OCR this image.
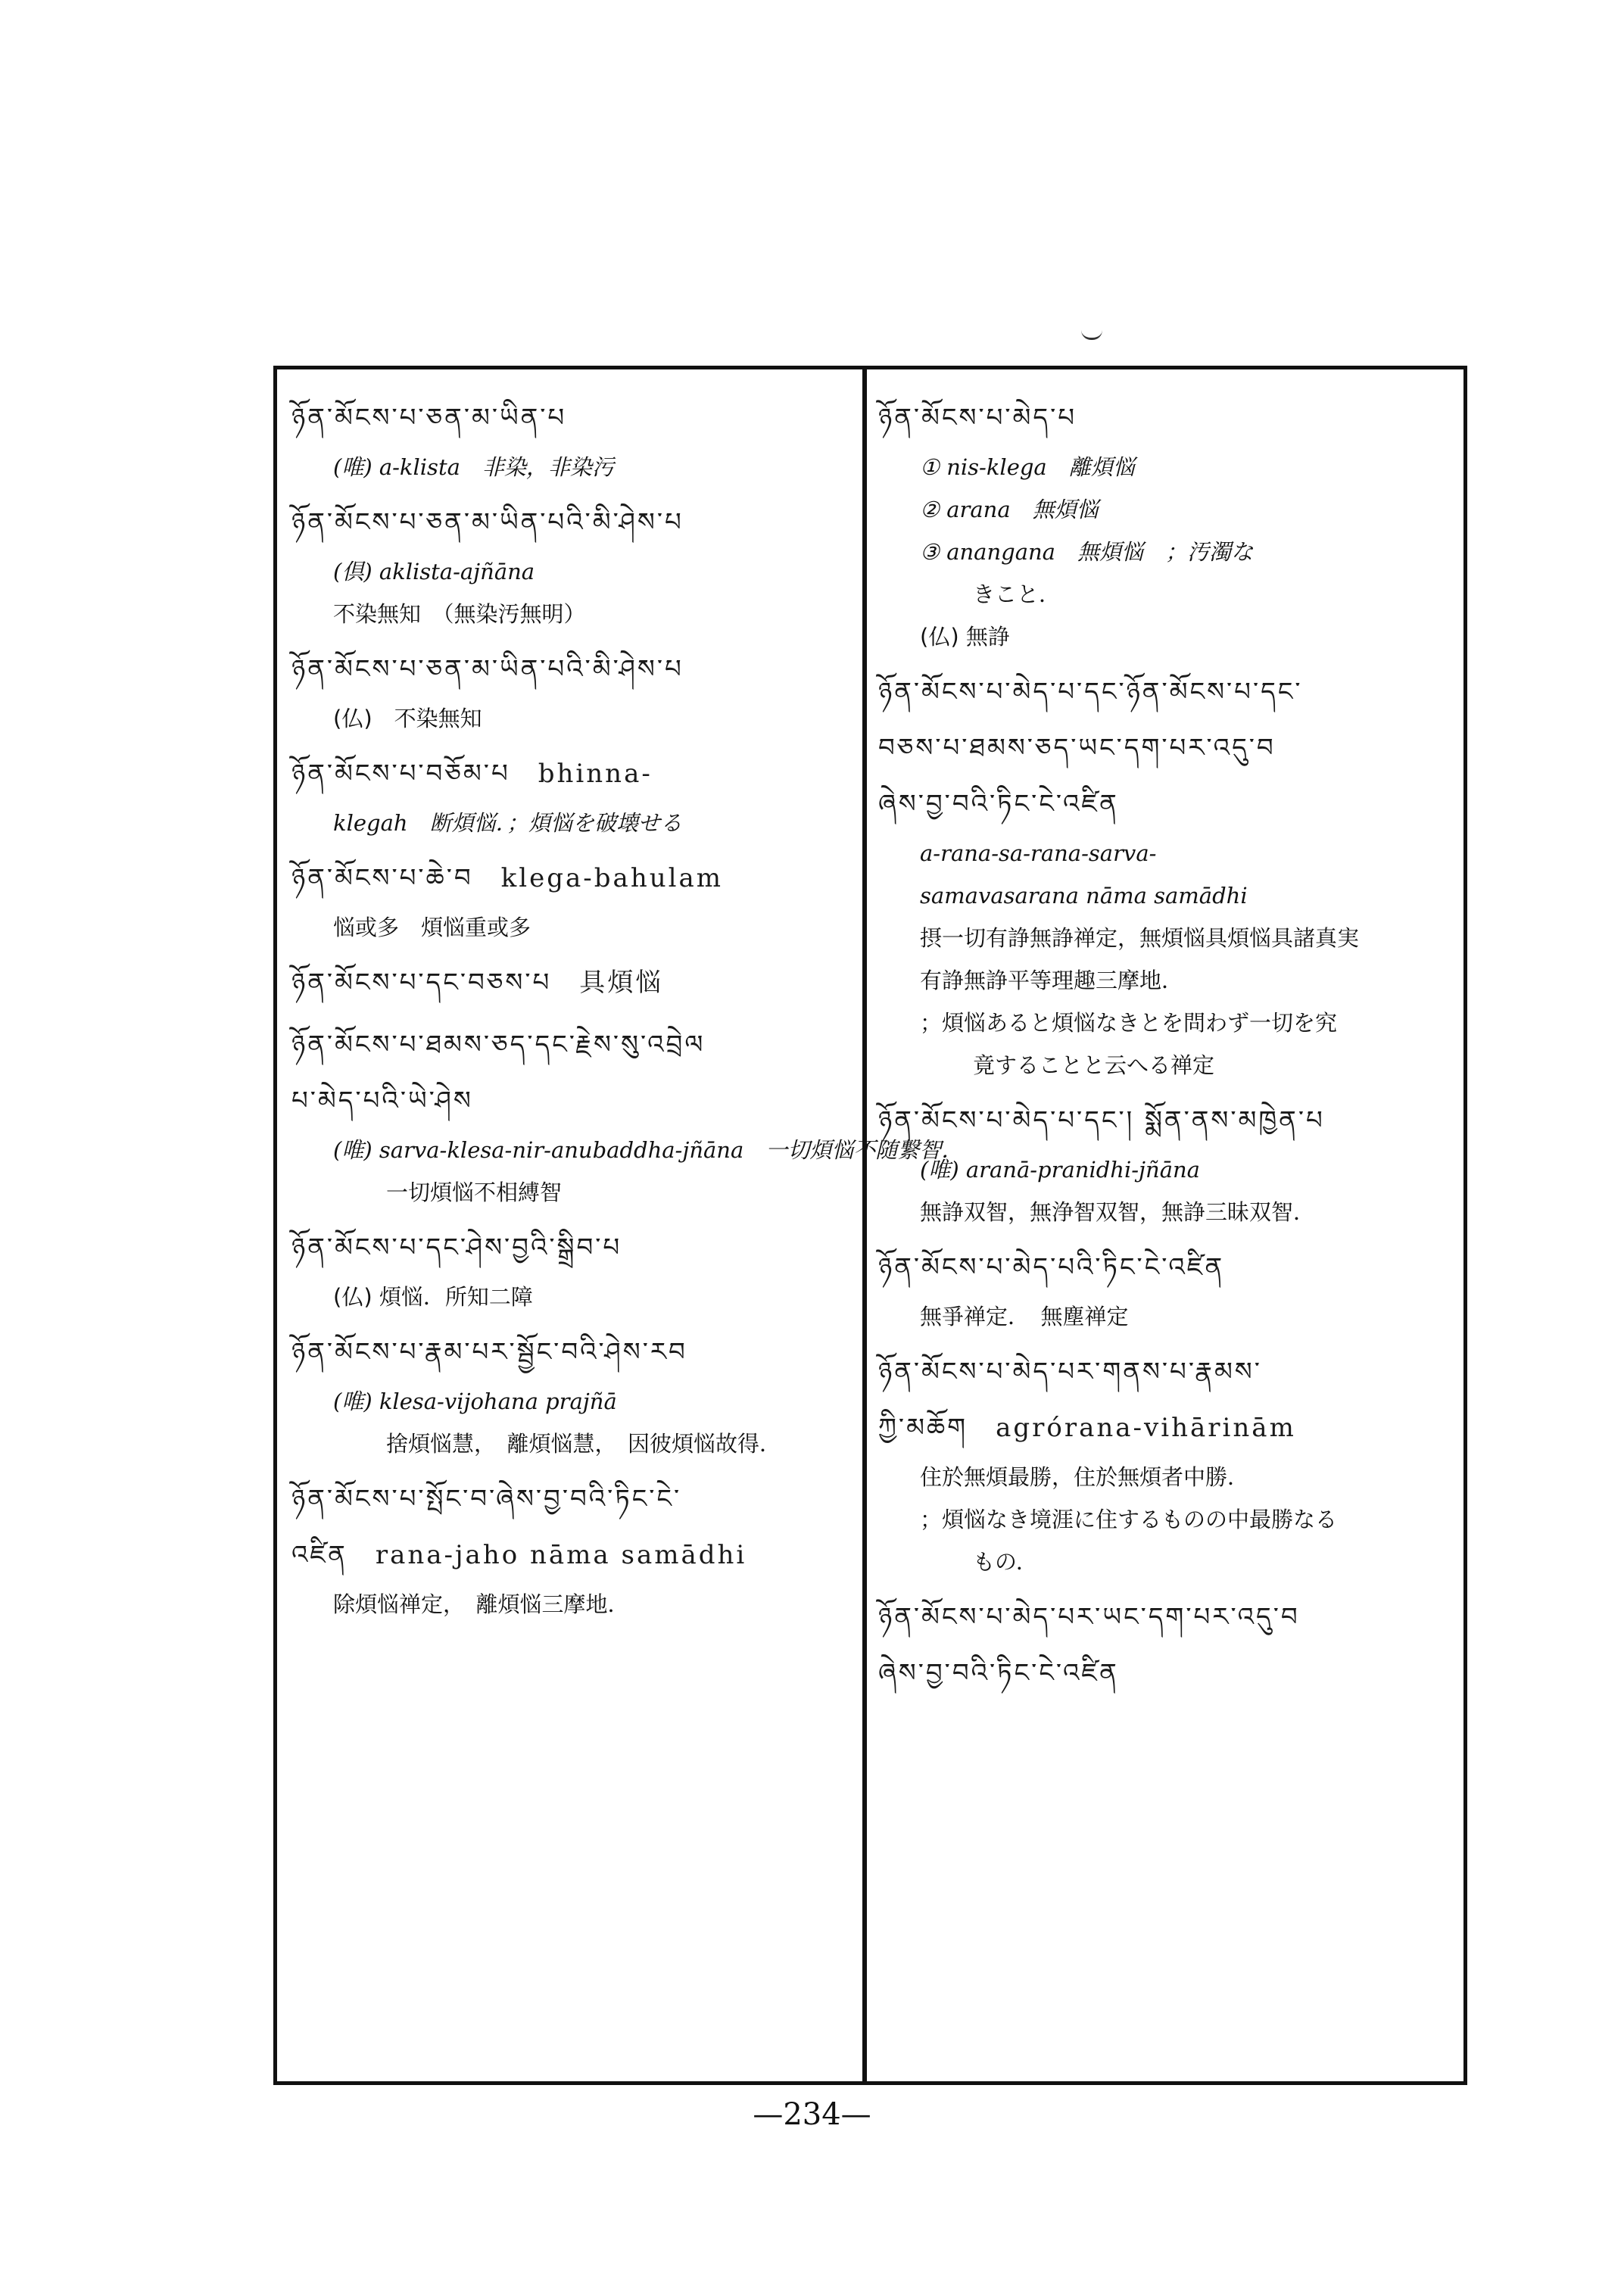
ཉོན་མོངས་པ་ཅན་མ་ཡིན་པ
(唯) a-klista　非染，非染污
ཉོན་མོངས་པ་ཅན་མ་ཡིན་པའི་མི་ཤེས་པ
(倶) aklista-ajñāna
不染無知　（無染汚無明）
ཉོན་མོངས་པ་ཅན་མ་ཡིན་པའི་མི་ཤེས་པ
(仏)　不染無知
ཉོན་མོངས་པ་བཅོམ་པ　bhinna-
klegah　断煩悩．；煩悩を破壊せる
ཉོན་མོངས་པ་ཆེ་བ　klega-bahulam
悩或多　煩悩重或多
ཉོན་མོངས་པ་དང་བཅས་པ　具煩悩
ཉོན་མོངས་པ་ཐམས་ཅད་དང་རྗེས་སུ་འབྲེལ
པ་མེད་པའི་ཡེ་ཤེས
(唯) sarva-klesa-nir-anubaddha-jñāna　一切煩悩不随繋智．
一切煩悩不相縛智
ཉོན་མོངས་པ་དང་ཤེས་བྱའི་སྒྲིབ་པ
(仏) 煩悩．所知二障
ཉོན་མོངས་པ་རྣམ་པར་སྦྱོང་བའི་ཤེས་རབ
(唯) klesa-vijohana prajñā
捨煩悩慧，　離煩悩慧，　因彼煩悩故得．
ཉོན་མོངས་པ་སྤོང་བ་ཞེས་བྱ་བའི་ཏིང་ངེ་
འཛིན　rana-jaho nāma samādhi
除煩悩禅定，　離煩悩三摩地．
ཉོན་མོངས་པ་མེད་པ
① nis-klega　離煩悩
② arana　無煩悩
③ anangana　無煩悩　；汚濁な
きこと．
(仏) 無諍
ཉོན་མོངས་པ་མེད་པ་དང་ཉོན་མོངས་པ་དང་
བཅས་པ་ཐམས་ཅད་ཡང་དག་པར་འདུ་བ
ཞེས་བྱ་བའི་ཏིང་ངེ་འཛིན
a-rana-sa-rana-sarva-
samavasarana nāma samādhi
摂一切有諍無諍禅定，無煩悩具煩悩具諸真実
有諍無諍平等理趣三摩地．
；煩悩あると煩悩なきとを問わず一切を究
竟することと云へる禅定
ཉོན་མོངས་པ་མེད་པ་དང་། སྨོན་ནས་མཁྱེན་པ
(唯) aranā-pranidhi-jñāna
無諍双智，無浄智双智，無諍三昧双智．
ཉོན་མོངས་པ་མེད་པའི་ཏིང་ངེ་འཛིན
無爭禅定．　無塵禅定
ཉོན་མོངས་པ་མེད་པར་གནས་པ་རྣམས་
ཀྱི་མཆོག　agrórana-vihārinām
住於無煩最勝，住於無煩者中勝．
；煩悩なき境涯に住するものの中最勝なる
もの．
ཉོན་མོངས་པ་མེད་པར་ཡང་དག་པར་འདུ་བ
ཞེས་བྱ་བའི་ཏིང་ངེ་འཛིན
—234—
